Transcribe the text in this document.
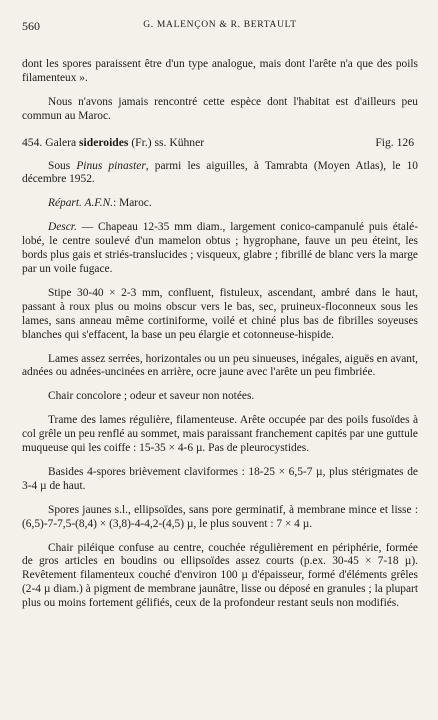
560	G. MALENÇON & R. BERTAULT

dont les spores paraissent être d'un type analogue, mais dont l'arête n'a que des poils filamenteux ».

Nous n'avons jamais rencontré cette espèce dont l'habitat est d'ailleurs peu commun au Maroc.

454. Galera sideroides (Fr.) ss. Kühner	Fig. 126

Sous Pinus pinaster, parmi les aiguilles, à Tamrabta (Moyen Atlas), le 10 décembre 1952.

Répart. A.F.N.: Maroc.

Descr. — Chapeau 12-35 mm diam., largement conico-campanulé puis étalé-lobé, le centre soulevé d'un mamelon obtus ; hygrophane, fauve un peu éteint, les bords plus gais et striés-translucides ; visqueux, glabre ; fibrillé de blanc vers la marge par un voile fugace.

Stipe 30-40 × 2-3 mm, confluent, fistuleux, ascendant, ambré dans le haut, passant à roux plus ou moins obscur vers le bas, sec, pruineux-floconneux sous les lames, sans anneau même cortiniforme, voilé et chiné plus bas de fibrilles soyeuses blanches qui s'effacent, la base un peu élargie et cotonneuse-hispide.

Lames assez serrées, horizontales ou un peu sinueuses, inégales, aiguës en avant, adnées ou adnées-uncinées en arrière, ocre jaune avec l'arête un peu fimbriée.

Chair concolore ; odeur et saveur non notées.

Trame des lames régulière, filamenteuse. Arête occupée par des poils fusoïdes à col grêle un peu renflé au sommet, mais paraissant franchement capités par une guttule muqueuse qui les coiffe : 15-35 × 4-6 µ. Pas de pleurocystides.

Basides 4-spores brièvement claviformes : 18-25 × 6,5-7 µ, plus stérigmates de 3-4 µ de haut.

Spores jaunes s.l., ellipsoïdes, sans pore germinatif, à membrane mince et lisse : (6,5)-7-7,5-(8,4) × (3,8)-4-4,2-(4,5) µ, le plus souvent : 7 × 4 µ.

Chair piléique confuse au centre, couchée régulièrement en périphérie, formée de gros articles en boudins ou ellipsoïdes assez courts (p.ex. 30-45 × 7-18 µ). Revêtement filamenteux couché d'environ 100 µ d'épaisseur, formé d'éléments grêles (2-4 µ diam.) à pigment de membrane jaunâtre, lisse ou déposé en granules ; la plupart plus ou moins fortement gélifiés, ceux de la profondeur restant seuls non modifiés.
